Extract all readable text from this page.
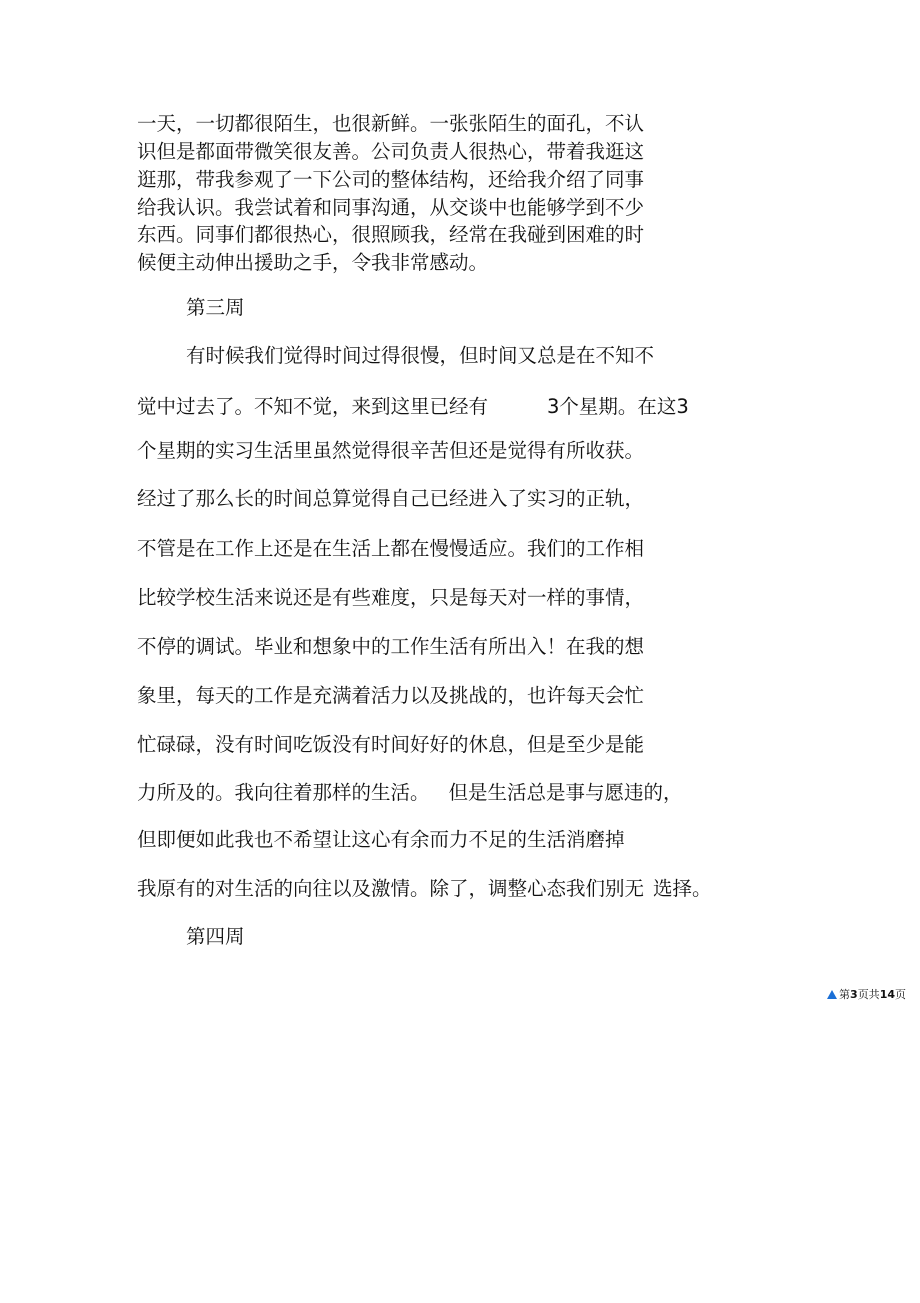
一天，一切都很陌生，也很新鲜。一张张陌生的面孔，不认

识但是都面带微笑很友善。公司负责人很热心，带着我逛这

逛那，带我参观了一下公司的整体结构，还给我介绍了同事

给我认识。我尝试着和同事沟通，从交谈中也能够学到不少

东西。同事们都很热心，很照顾我，经常在我碰到困难的时

候便主动伸出援助之手，令我非常感动。

第三周

有时候我们觉得时间过得很慢，但时间又总是在不知不

觉中过去了。不知不觉，来到这里已经有	3个星期。在这3

个星期的实习生活里虽然觉得很辛苦但还是觉得有所收获。

经过了那么长的时间总算觉得自己已经进入了实习的正轨，

不管是在工作上还是在生活上都在慢慢适应。我们的工作相

比较学校生活来说还是有些难度，只是每天对一样的事情，

不停的调试。毕业和想象中的工作生活有所出入！在我的想

象里，每天的工作是充满着活力以及挑战的，也许每天会忙

忙碌碌，没有时间吃饭没有时间好好的休息，但是至少是能

力所及的。我向往着那样的生活。 但是生活总是事与愿违的，

但即便如此我也不希望让这心有余而力不足的生活消磨掉

我原有的对生活的向往以及激情。除了，调整心态我们别无 选择。

第四周

第3页共14页
